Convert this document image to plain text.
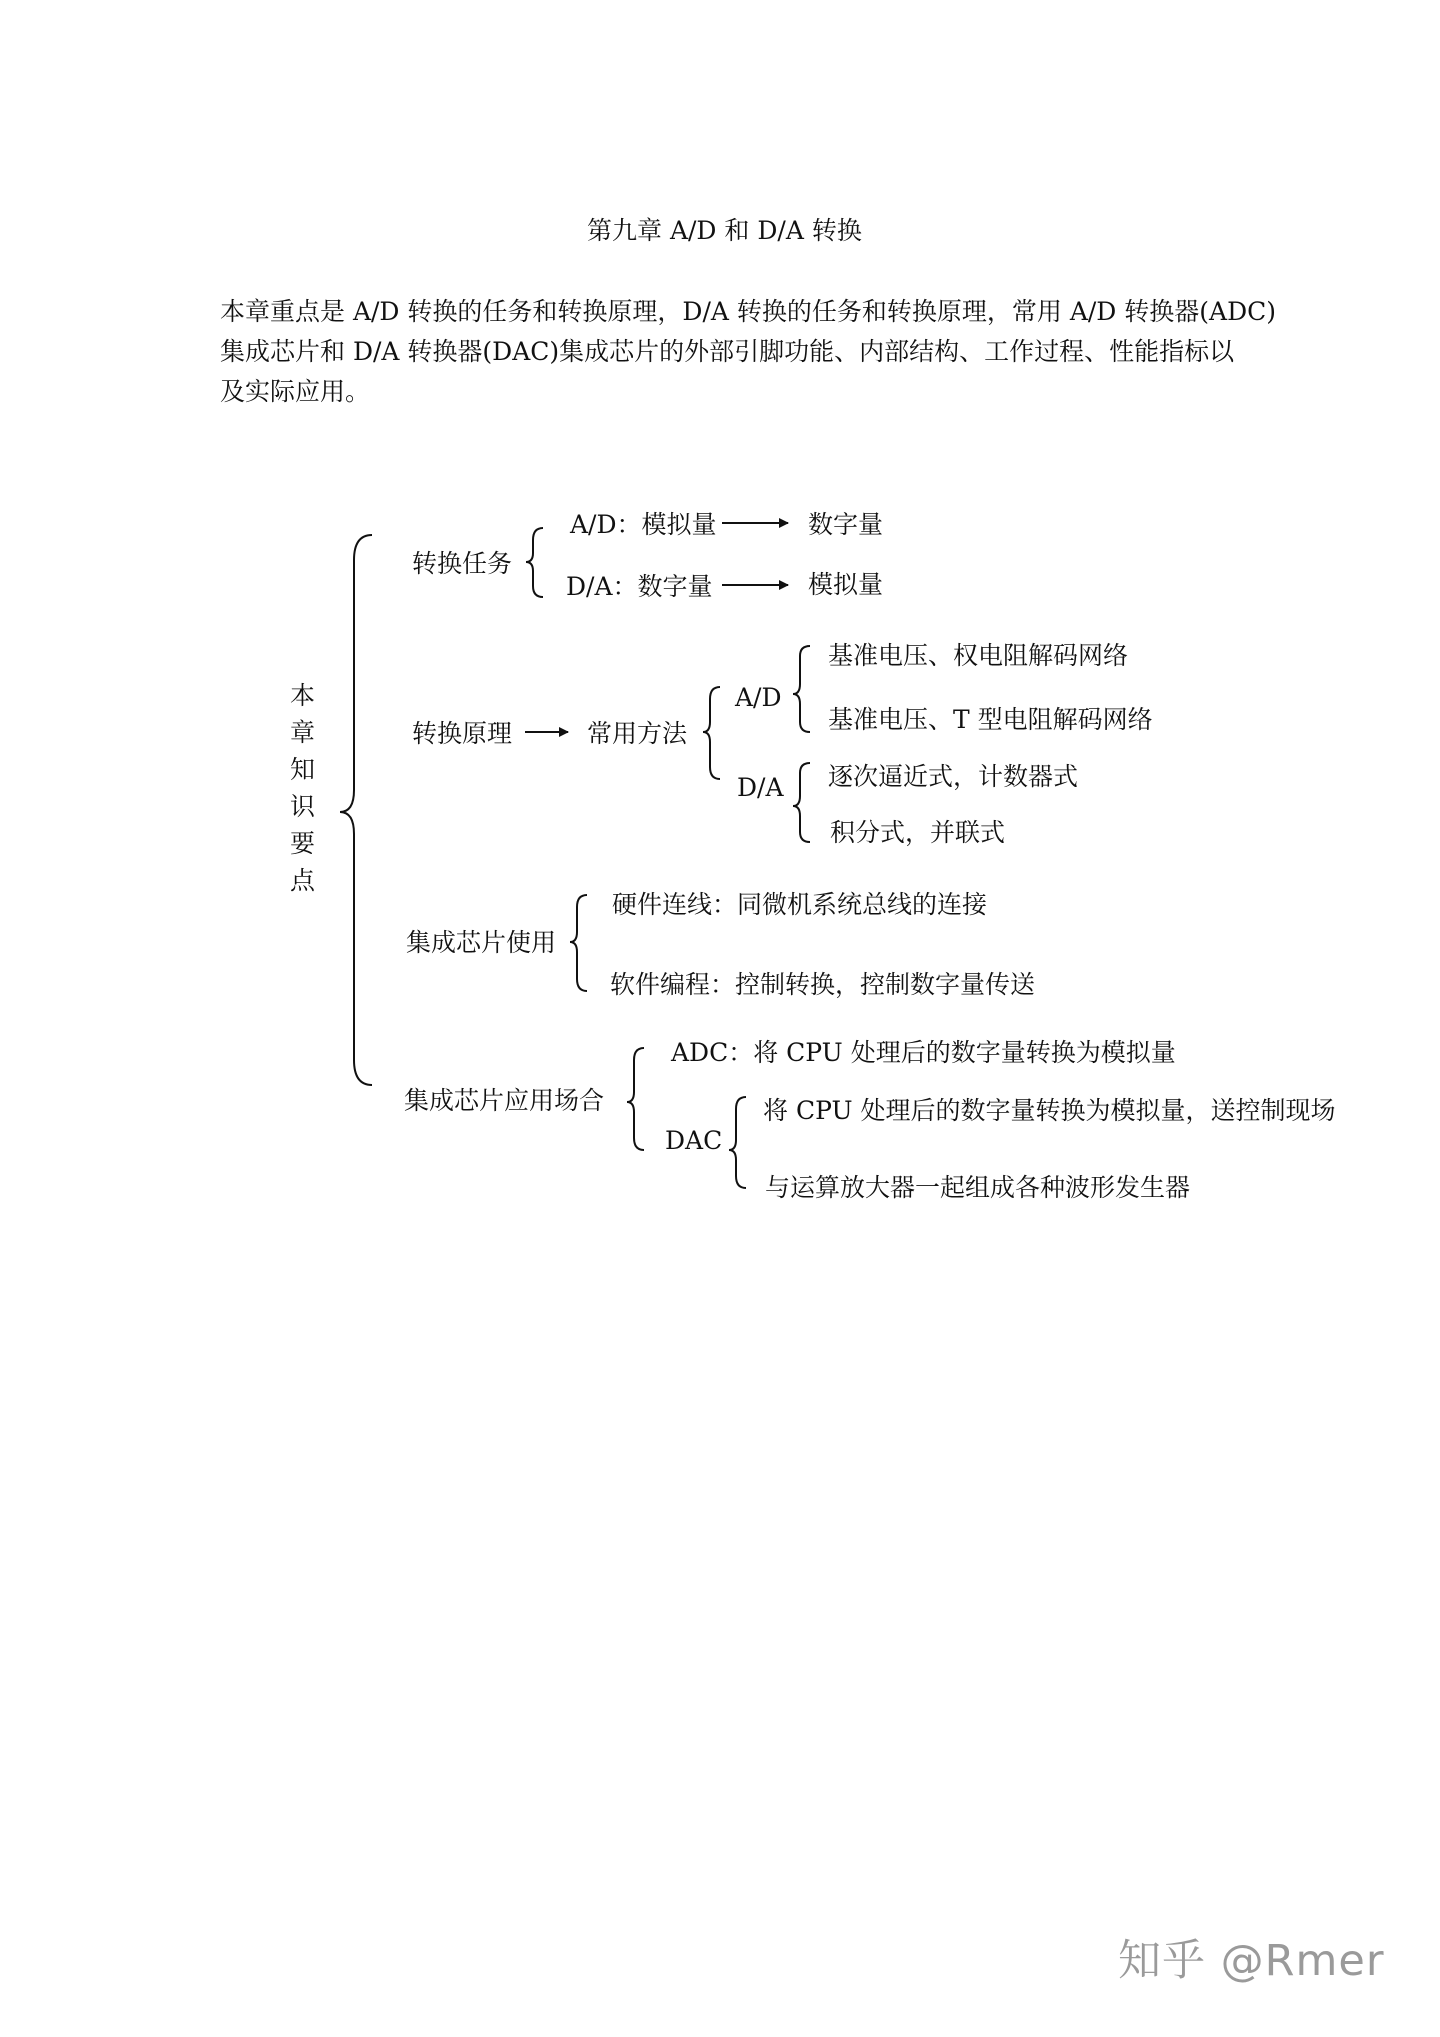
第九章 A/D 和 D/A 转换
本章重点是 A/D 转换的任务和转换原理，D/A 转换的任务和转换原理，常用 A/D 转换器(ADC)
集成芯片和 D/A 转换器(DAC)集成芯片的外部引脚功能、内部结构、工作过程、性能指标以
及实际应用。
本
章
知
识
要
点
转换任务
A/D：模拟量	数字量
D/A：数字量	模拟量
转换原理	常用方法
A/D
基准电压、权电阻解码网络
基准电压、T 型电阻解码网络
D/A 逐次逼近式，计数器式
积分式，并联式
集成芯片使用
硬件连线：同微机系统总线的连接
软件编程：控制转换，控制数字量传送
集成芯片应用场合
ADC：将 CPU 处理后的数字量转换为模拟量
DAC
将 CPU 处理后的数字量转换为模拟量，送控制现场
与运算放大器一起组成各种波形发生器
知乎 @Rmer
